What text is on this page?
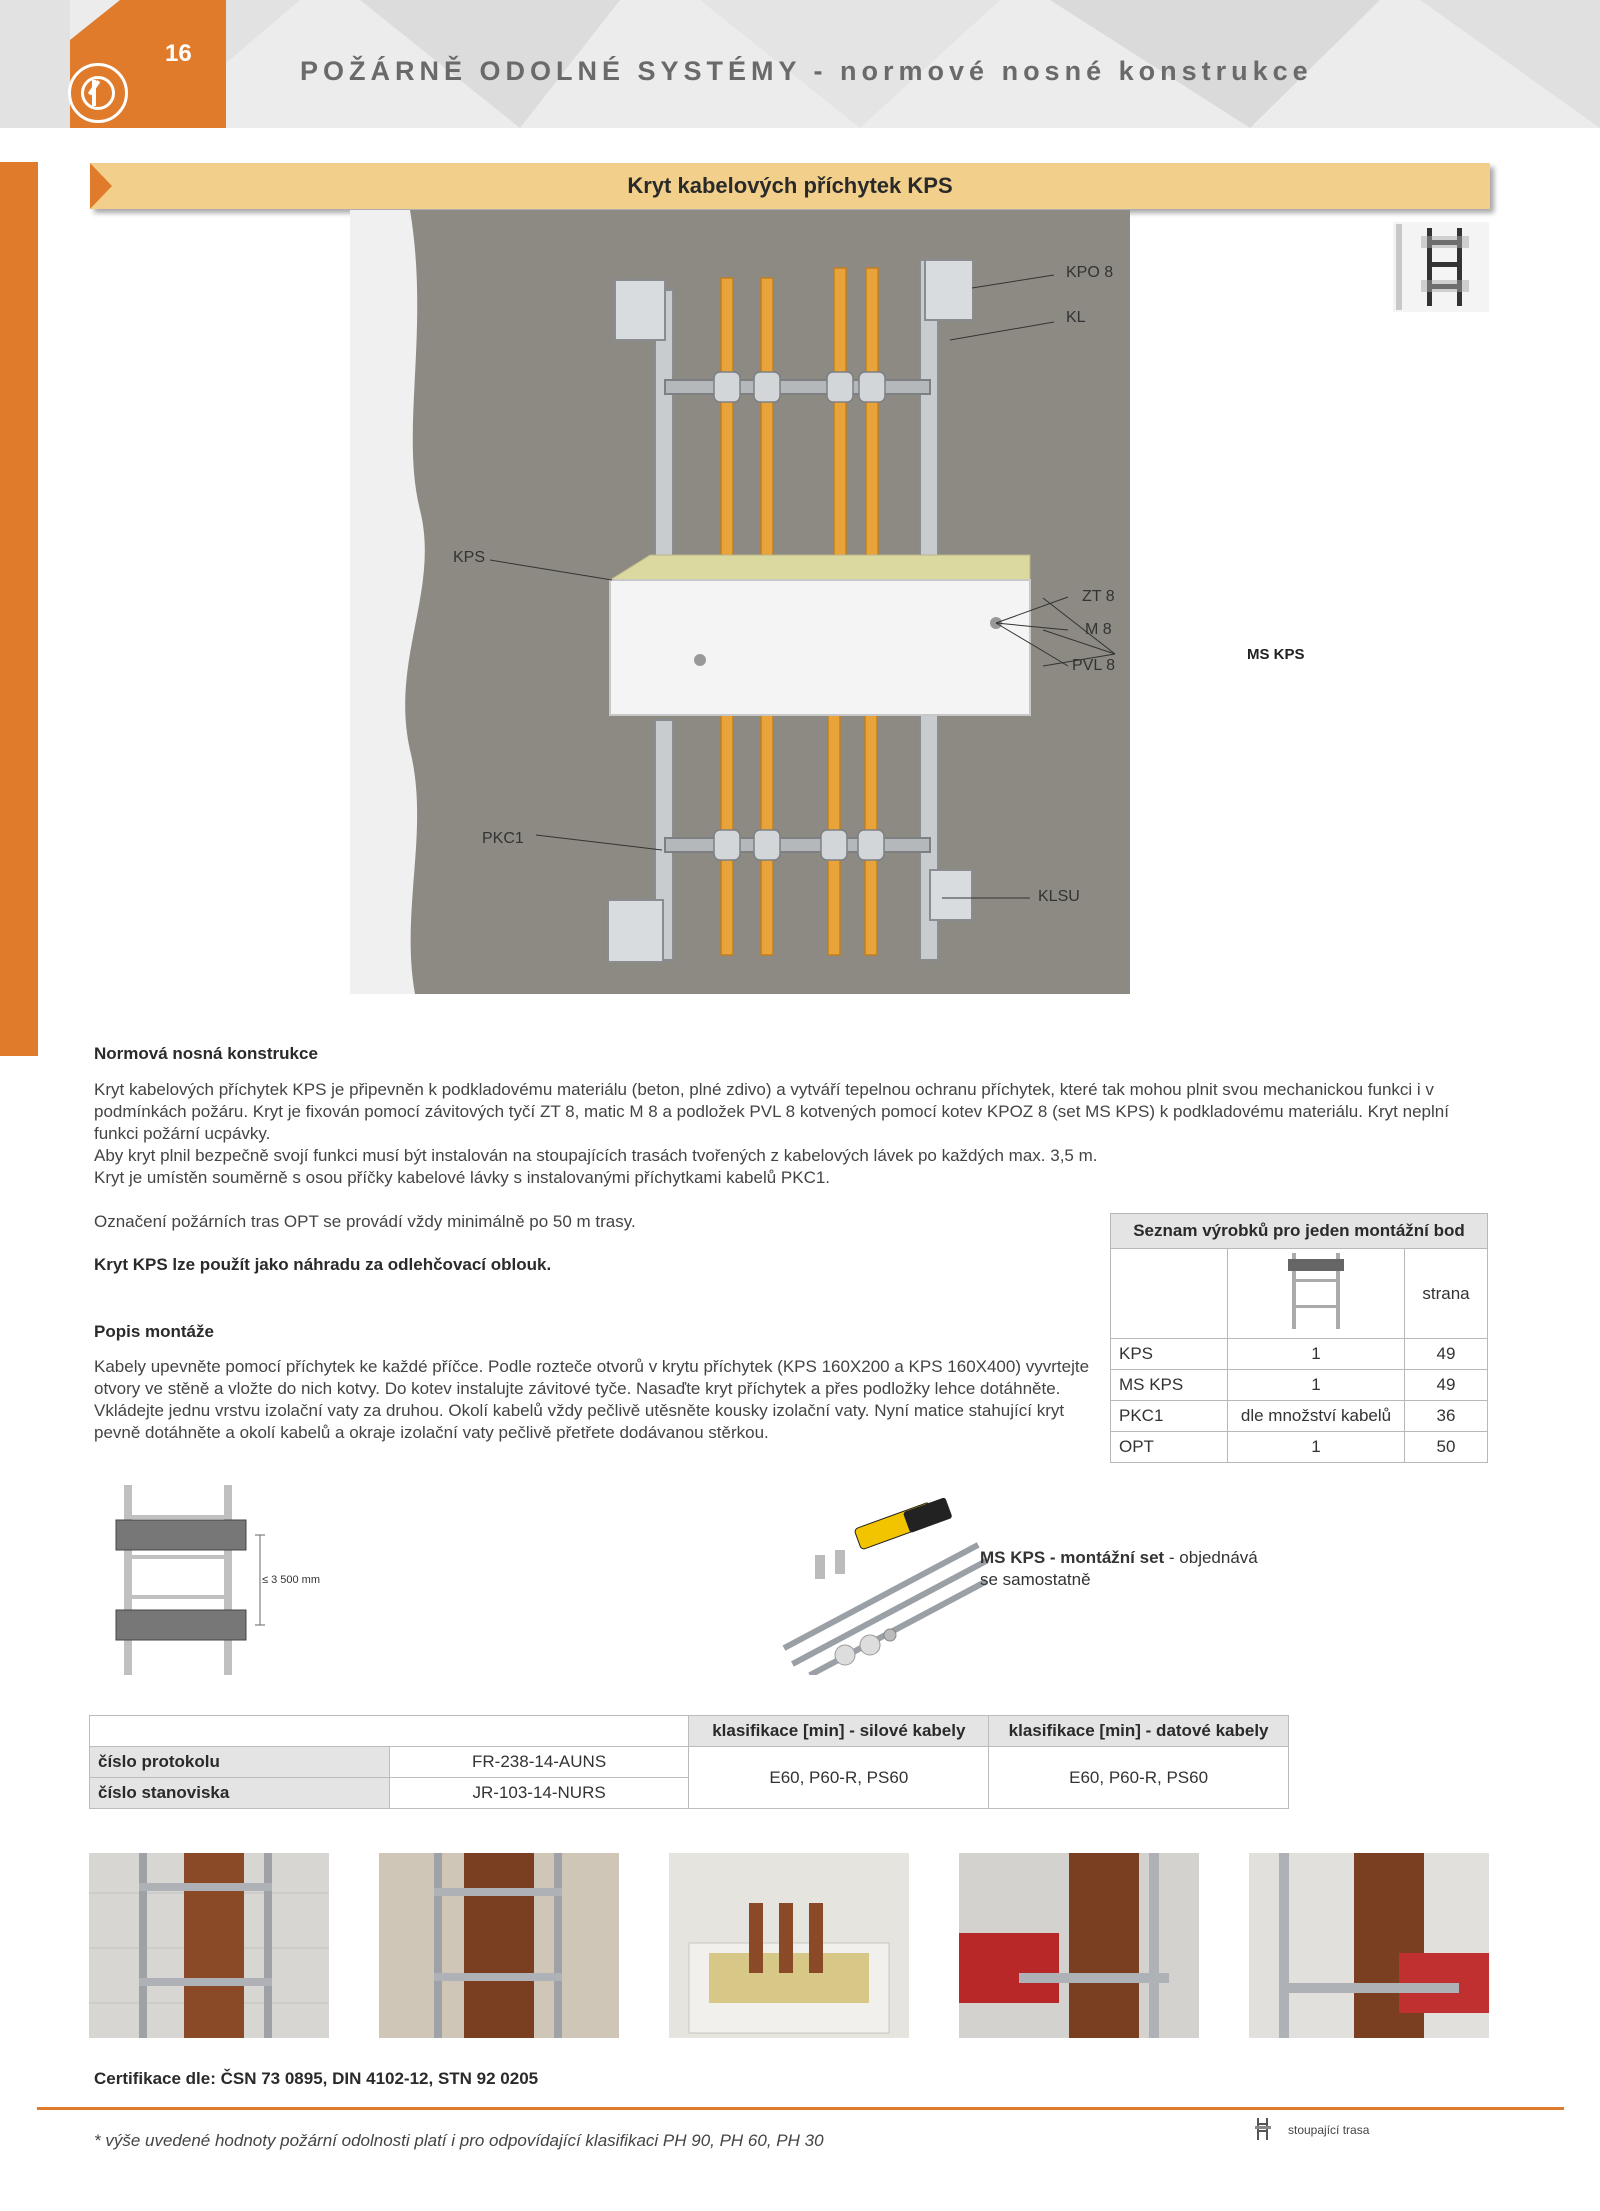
16
POŽÁRNĚ ODOLNÉ SYSTÉMY - normové nosné konstrukce
Kryt kabelových příchytek KPS
KPO 8
KL
KPS
ZT 8
M 8
PVL 8
MS KPS
PKC1
KLSU
Normová nosná konstrukce

Kryt kabelových příchytek KPS je připevněn k podkladovému materiálu (beton, plné zdivo) a vytváří tepelnou ochranu příchytek, které tak mohou plnit svou mechanickou funkci i v podmínkách požáru. Kryt je fixován pomocí závitových tyčí ZT 8, matic M 8 a podložek PVL 8 kotvených pomocí kotev KPOZ 8 (set MS KPS) k podkladovému materiálu. Kryt neplní funkci požární ucpávky.

Aby kryt plnil bezpečně svojí funkci musí být instalován na stoupajících trasách tvořených z kabelových lávek po každých max. 3,5 m.

Kryt je umístěn souměrně s osou příčky kabelové lávky s instalovanými příchytkami kabelů PKC1.

Označení požárních tras OPT se provádí vždy minimálně po 50 m trasy.
Kryt KPS lze použít jako náhradu za odlehčovací oblouk.
Popis montáže
Kabely upevněte pomocí příchytek ke každé příčce. Podle rozteče otvorů v krytu příchytek (KPS 160X200 a KPS 160X400) vyvrtejte otvory ve stěně a vložte do nich kotvy. Do kotev instalujte závitové tyče. Nasaďte kryt příchytek a přes podložky lehce dotáhněte. Vkládejte jednu vrstvu izolační vaty za druhou. Okolí kabelů vždy pečlivě utěsněte kousky izolační vaty. Nyní matice stahující kryt pevně dotáhněte a okolí kabelů a okraje izolační vaty pečlivě přetřete dodávanou stěrkou.
Seznam výrobků pro jeden montážní bod		
		strana
KPS	1	49
MS KPS	1	49
PKC1	dle množství kabelů	36
OPT	1	50
≤ 3 500 mm
MS KPS - montážní set - objednává
se samostatně
		klasifikace [min] - silové kabely	klasifikace [min] - datové kabely
číslo protokolu	FR-238-14-AUNS	E60, P60-R, PS60	E60, P60-R, PS60
číslo stanoviska	JR-103-14-NURS		
Certifikace dle: ČSN 73 0895, DIN 4102-12, STN 92 0205
* výše uvedené hodnoty požární odolnosti platí i pro odpovídající klasifikaci PH 90, PH 60, PH 30
stoupající trasa
